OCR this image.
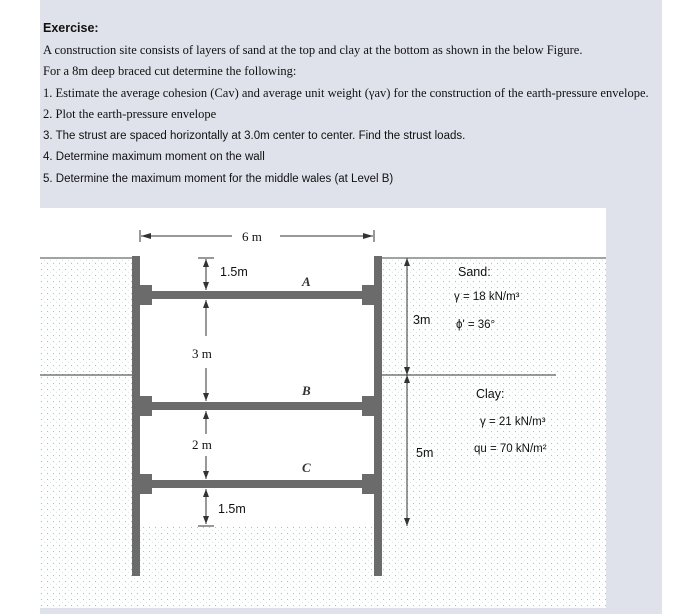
Exercise:
A construction site consists of layers of sand at the top and clay at the bottom as shown in the below Figure.
For a 8m deep braced cut determine the following:
1. Estimate the average cohesion (Cav) and average unit weight (γav) for the construction of the earth-pressure envelope.
2. Plot the earth-pressure envelope
3. The strust are spaced horizontally at 3.0m center to center. Find the strust loads.
4. Determine maximum moment on the wall
5. Determine the maximum moment for the middle wales (at Level B)
6 m
1.5m
3 m
2 m
1.5m
A
B
C
3m
5m
Sand:
γ = 18 kN/m³
ϕ' = 36°
Clay:
γ = 21 kN/m³
qu = 70 kN/m²
